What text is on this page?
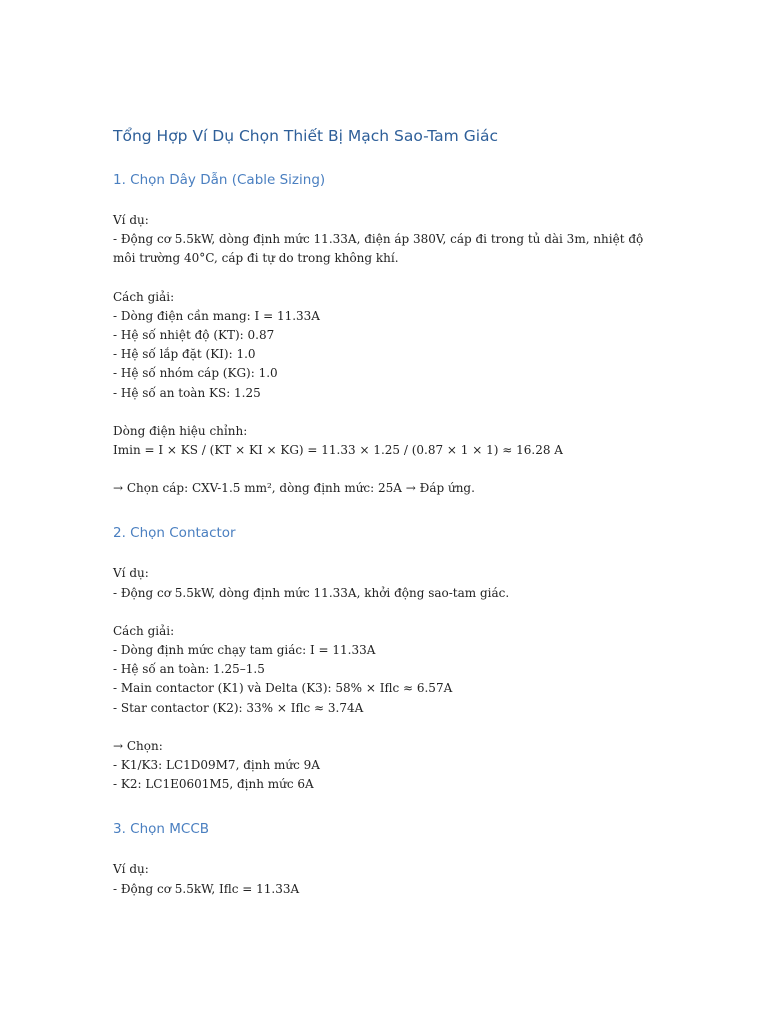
Tổng Hợp Ví Dụ Chọn Thiết Bị Mạch Sao-Tam Giác
1. Chọn Dây Dẫn (Cable Sizing)

Ví dụ:

- Động cơ 5.5kW, dòng định mức 11.33A, điện áp 380V, cáp đi trong tủ dài 3m, nhiệt độ

môi trường 40°C, cáp đi tự do trong không khí.

Cách giải:

- Dòng điện cần mang: I = 11.33A

- Hệ số nhiệt độ (KT): 0.87

- Hệ số lắp đặt (KI): 1.0

- Hệ số nhóm cáp (KG): 1.0

- Hệ số an toàn KS: 1.25

Dòng điện hiệu chỉnh:

Imin = I × KS / (KT × KI × KG) = 11.33 × 1.25 / (0.87 × 1 × 1) ≈ 16.28 A

→ Chọn cáp: CXV-1.5 mm², dòng định mức: 25A → Đáp ứng.

2. Chọn Contactor

Ví dụ:

- Động cơ 5.5kW, dòng định mức 11.33A, khởi động sao-tam giác.

Cách giải:

- Dòng định mức chạy tam giác: I = 11.33A

- Hệ số an toàn: 1.25–1.5

- Main contactor (K1) và Delta (K3): 58% × Iflc ≈ 6.57A

- Star contactor (K2): 33% × Iflc ≈ 3.74A

→ Chọn:

- K1/K3: LC1D09M7, định mức 9A

- K2: LC1E0601M5, định mức 6A

3. Chọn MCCB

Ví dụ:

- Động cơ 5.5kW, Iflc = 11.33A
